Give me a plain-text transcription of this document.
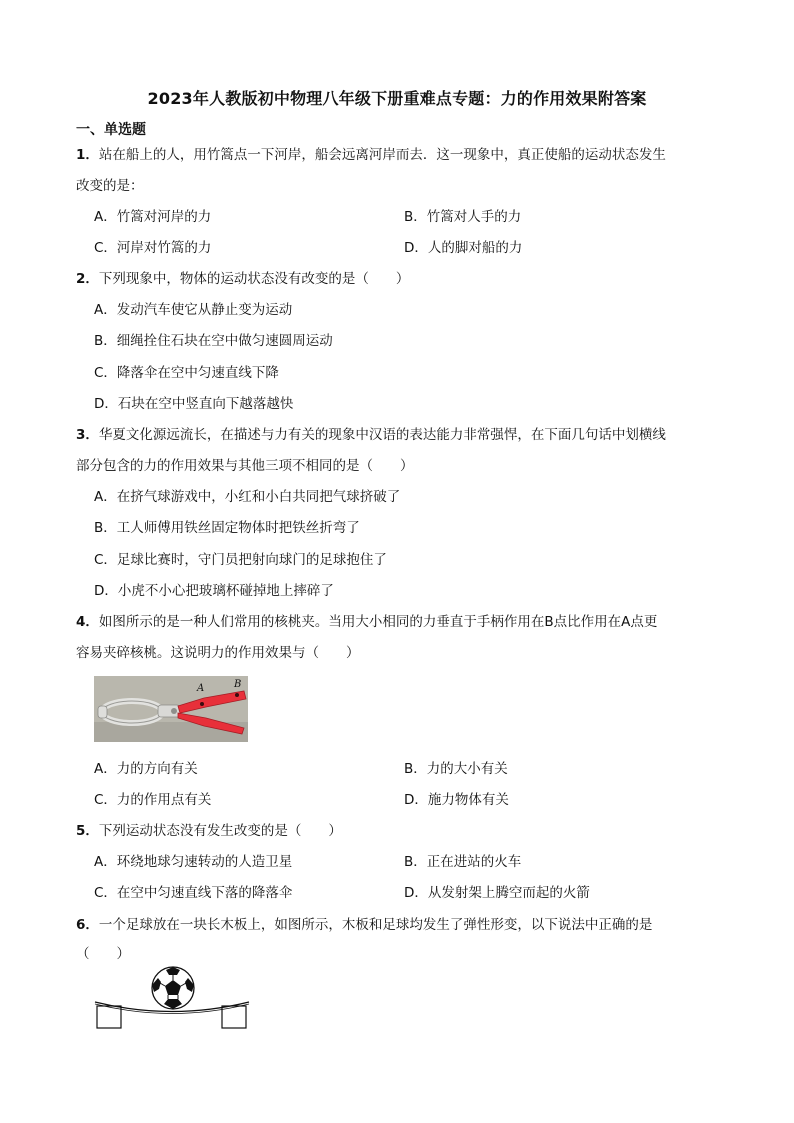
2023年人教版初中物理八年级下册重难点专题：力的作用效果附答案
一、单选题
1．站在船上的人，用竹篙点一下河岸，船会远离河岸而去．这一现象中，真正使船的运动状态发生
改变的是：
A．竹篙对河岸的力	B．竹篙对人手的力
C．河岸对竹篙的力	D．人的脚对船的力
2．下列现象中，物体的运动状态没有改变的是（　　）
A．发动汽车使它从静止变为运动
B．细绳拴住石块在空中做匀速圆周运动
C．降落伞在空中匀速直线下降
D．石块在空中竖直向下越落越快
3．华夏文化源远流长，在描述与力有关的现象中汉语的表达能力非常强悍，在下面几句话中划横线
部分包含的力的作用效果与其他三项不相同的是（　　）
A．在挤气球游戏中，小红和小白共同把气球挤破了
B．工人师傅用铁丝固定物体时把铁丝折弯了
C．足球比赛时，守门员把射向球门的足球抱住了
D．小虎不小心把玻璃杯碰掉地上摔碎了
4．如图所示的是一种人们常用的核桃夹。当用大小相同的力垂直于手柄作用在B点比作用在A点更
容易夹碎核桃。这说明力的作用效果与（　　）
A	B
A．力的方向有关	B．力的大小有关
C．力的作用点有关	D．施力物体有关
5．下列运动状态没有发生改变的是（　　）
A．环绕地球匀速转动的人造卫星	B．正在进站的火车
C．在空中匀速直线下落的降落伞	D．从发射架上腾空而起的火箭
6．一个足球放在一块长木板上，如图所示，木板和足球均发生了弹性形变，以下说法中正确的是
（　　）
